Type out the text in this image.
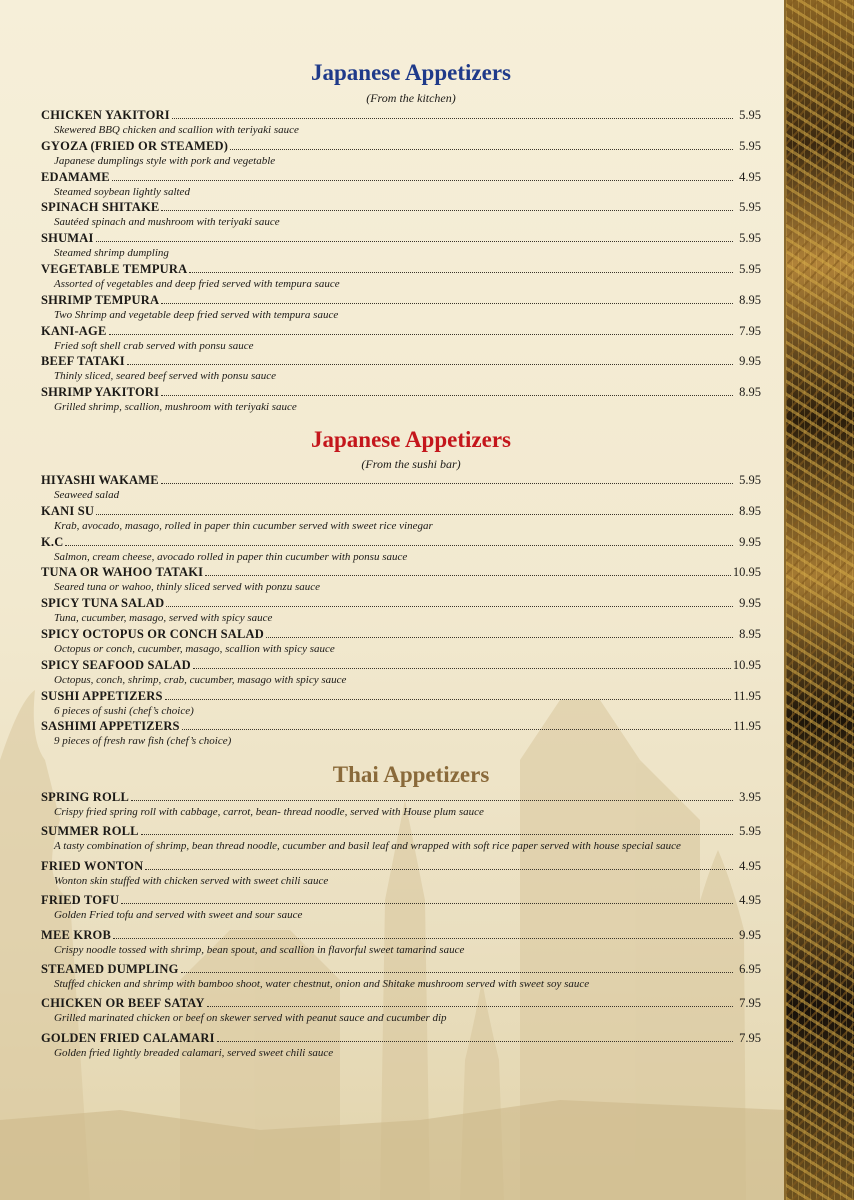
Japanese Appetizers

(From the kitchen)

CHICKEN YAKITORI	5.95
Skewered BBQ chicken and scallion with teriyaki sauce
GYOZA (FRIED OR STEAMED)	5.95
Japanese dumplings style with pork and vegetable
EDAMAME	4.95
Steamed soybean lightly salted
SPINACH SHITAKE	5.95
Sautéed spinach and mushroom with teriyaki sauce
SHUMAI	5.95
Steamed shrimp dumpling
VEGETABLE TEMPURA	5.95
Assorted of vegetables and deep fried served with tempura sauce
SHRIMP TEMPURA	8.95
Two Shrimp and vegetable deep fried served with tempura sauce
KANI-AGE	7.95
Fried soft shell crab served with ponsu sauce
BEEF TATAKI	9.95
Thinly sliced, seared beef served with ponsu sauce
SHRIMP YAKITORI	8.95
Grilled shrimp, scallion, mushroom with teriyaki sauce
Japanese Appetizers

(From the sushi bar)

HIYASHI WAKAME	5.95
Seaweed salad
KANI SU	8.95
Krab, avocado, masago, rolled in paper thin cucumber served with sweet rice vinegar
K.C	9.95
Salmon, cream cheese, avocado rolled in paper thin cucumber with ponsu sauce
TUNA OR WAHOO TATAKI	10.95
Seared tuna or wahoo, thinly sliced served with ponzu sauce
SPICY TUNA SALAD	9.95
Tuna, cucumber, masago, served with spicy sauce
SPICY OCTOPUS OR CONCH SALAD	8.95
Octopus or conch, cucumber, masago, scallion with spicy sauce
SPICY SEAFOOD SALAD	10.95
Octopus, conch, shrimp, crab, cucumber, masago with spicy sauce
SUSHI APPETIZERS	11.95
6 pieces of sushi (chef’s choice)
SASHIMI APPETIZERS	11.95
9 pieces of fresh raw fish (chef’s choice)
Thai Appetizers
SPRING ROLL	3.95
Crispy fried spring roll with cabbage, carrot, bean- thread noodle, served with House plum sauce
SUMMER ROLL	5.95
A tasty combination of shrimp, bean thread noodle, cucumber and basil leaf and wrapped with soft rice paper served with house special sauce
FRIED WONTON	4.95
Wonton skin stuffed with chicken served with sweet chili sauce
FRIED TOFU	4.95
Golden Fried tofu and served with sweet and sour sauce
MEE KROB	9.95
Crispy noodle tossed with shrimp, bean spout, and scallion in flavorful sweet tamarind sauce
STEAMED DUMPLING	6.95
Stuffed chicken and shrimp with bamboo shoot, water chestnut, onion and Shitake mushroom served with sweet soy sauce
CHICKEN OR BEEF SATAY	7.95
Grilled marinated chicken or beef on skewer served with peanut sauce and cucumber dip
GOLDEN FRIED CALAMARI	7.95
Golden fried lightly breaded calamari, served sweet chili sauce
